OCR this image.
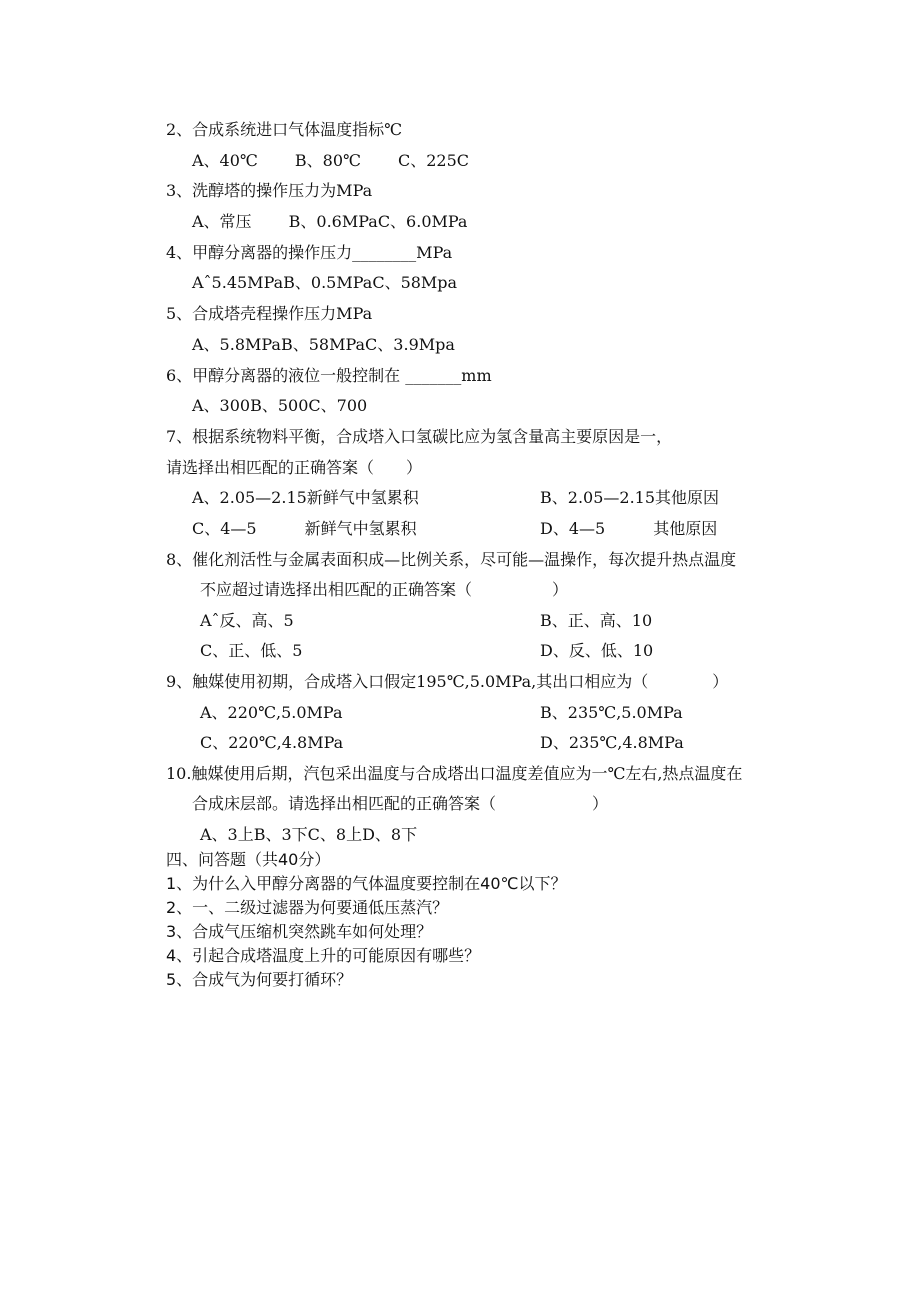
2、合成系统进口气体温度指标℃
A、40℃　　 B、80℃　　 C、225C
3、洗醇塔的操作压力为MPa
A、常压　　 B、0.6MPaC、6.0MPa
4、甲醇分离器的操作压力________MPa
Aˆ5.45MPaB、0.5MPaC、58Mpa
5、合成塔壳程操作压力MPa
A、5.8MPaB、58MPaC、3.9Mpa
6、甲醇分离器的液位一般控制在 _______mm
A、300B、500C、700
7、根据系统物料平衡，合成塔入口氢碳比应为氢含量高主要原因是一，
请选择出相匹配的正确答案（　　）
A、2.05—2.15新鲜气中氢累积	B、2.05—2.15其他原因
C、4—5　　　新鲜气中氢累积	D、4—5　　　其他原因
8、催化剂活性与金属表面积成—比例关系，尽可能—温操作，每次提升热点温度
不应超过请选择出相匹配的正确答案（　　　　　）
Aˆ反、高、5	B、正、高、10
C、正、低、5	D、反、低、10
9、触媒使用初期，合成塔入口假定195℃,5.0MPa,其出口相应为（　　　　）
A、220℃,5.0MPa	B、235℃,5.0MPa
C、220℃,4.8MPa	D、235℃,4.8MPa
10.触媒使用后期，汽包采出温度与合成塔出口温度差值应为一℃左右,热点温度在
合成床层部。请选择出相匹配的正确答案（　　　　　　）
A、3上B、3下C、8上D、8下
四、问答题（共40分）
1、为什么入甲醇分离器的气体温度要控制在40℃以下？
2、一、二级过滤器为何要通低压蒸汽？
3、合成气压缩机突然跳车如何处理？
4、引起合成塔温度上升的可能原因有哪些？
5、合成气为何要打循环？
